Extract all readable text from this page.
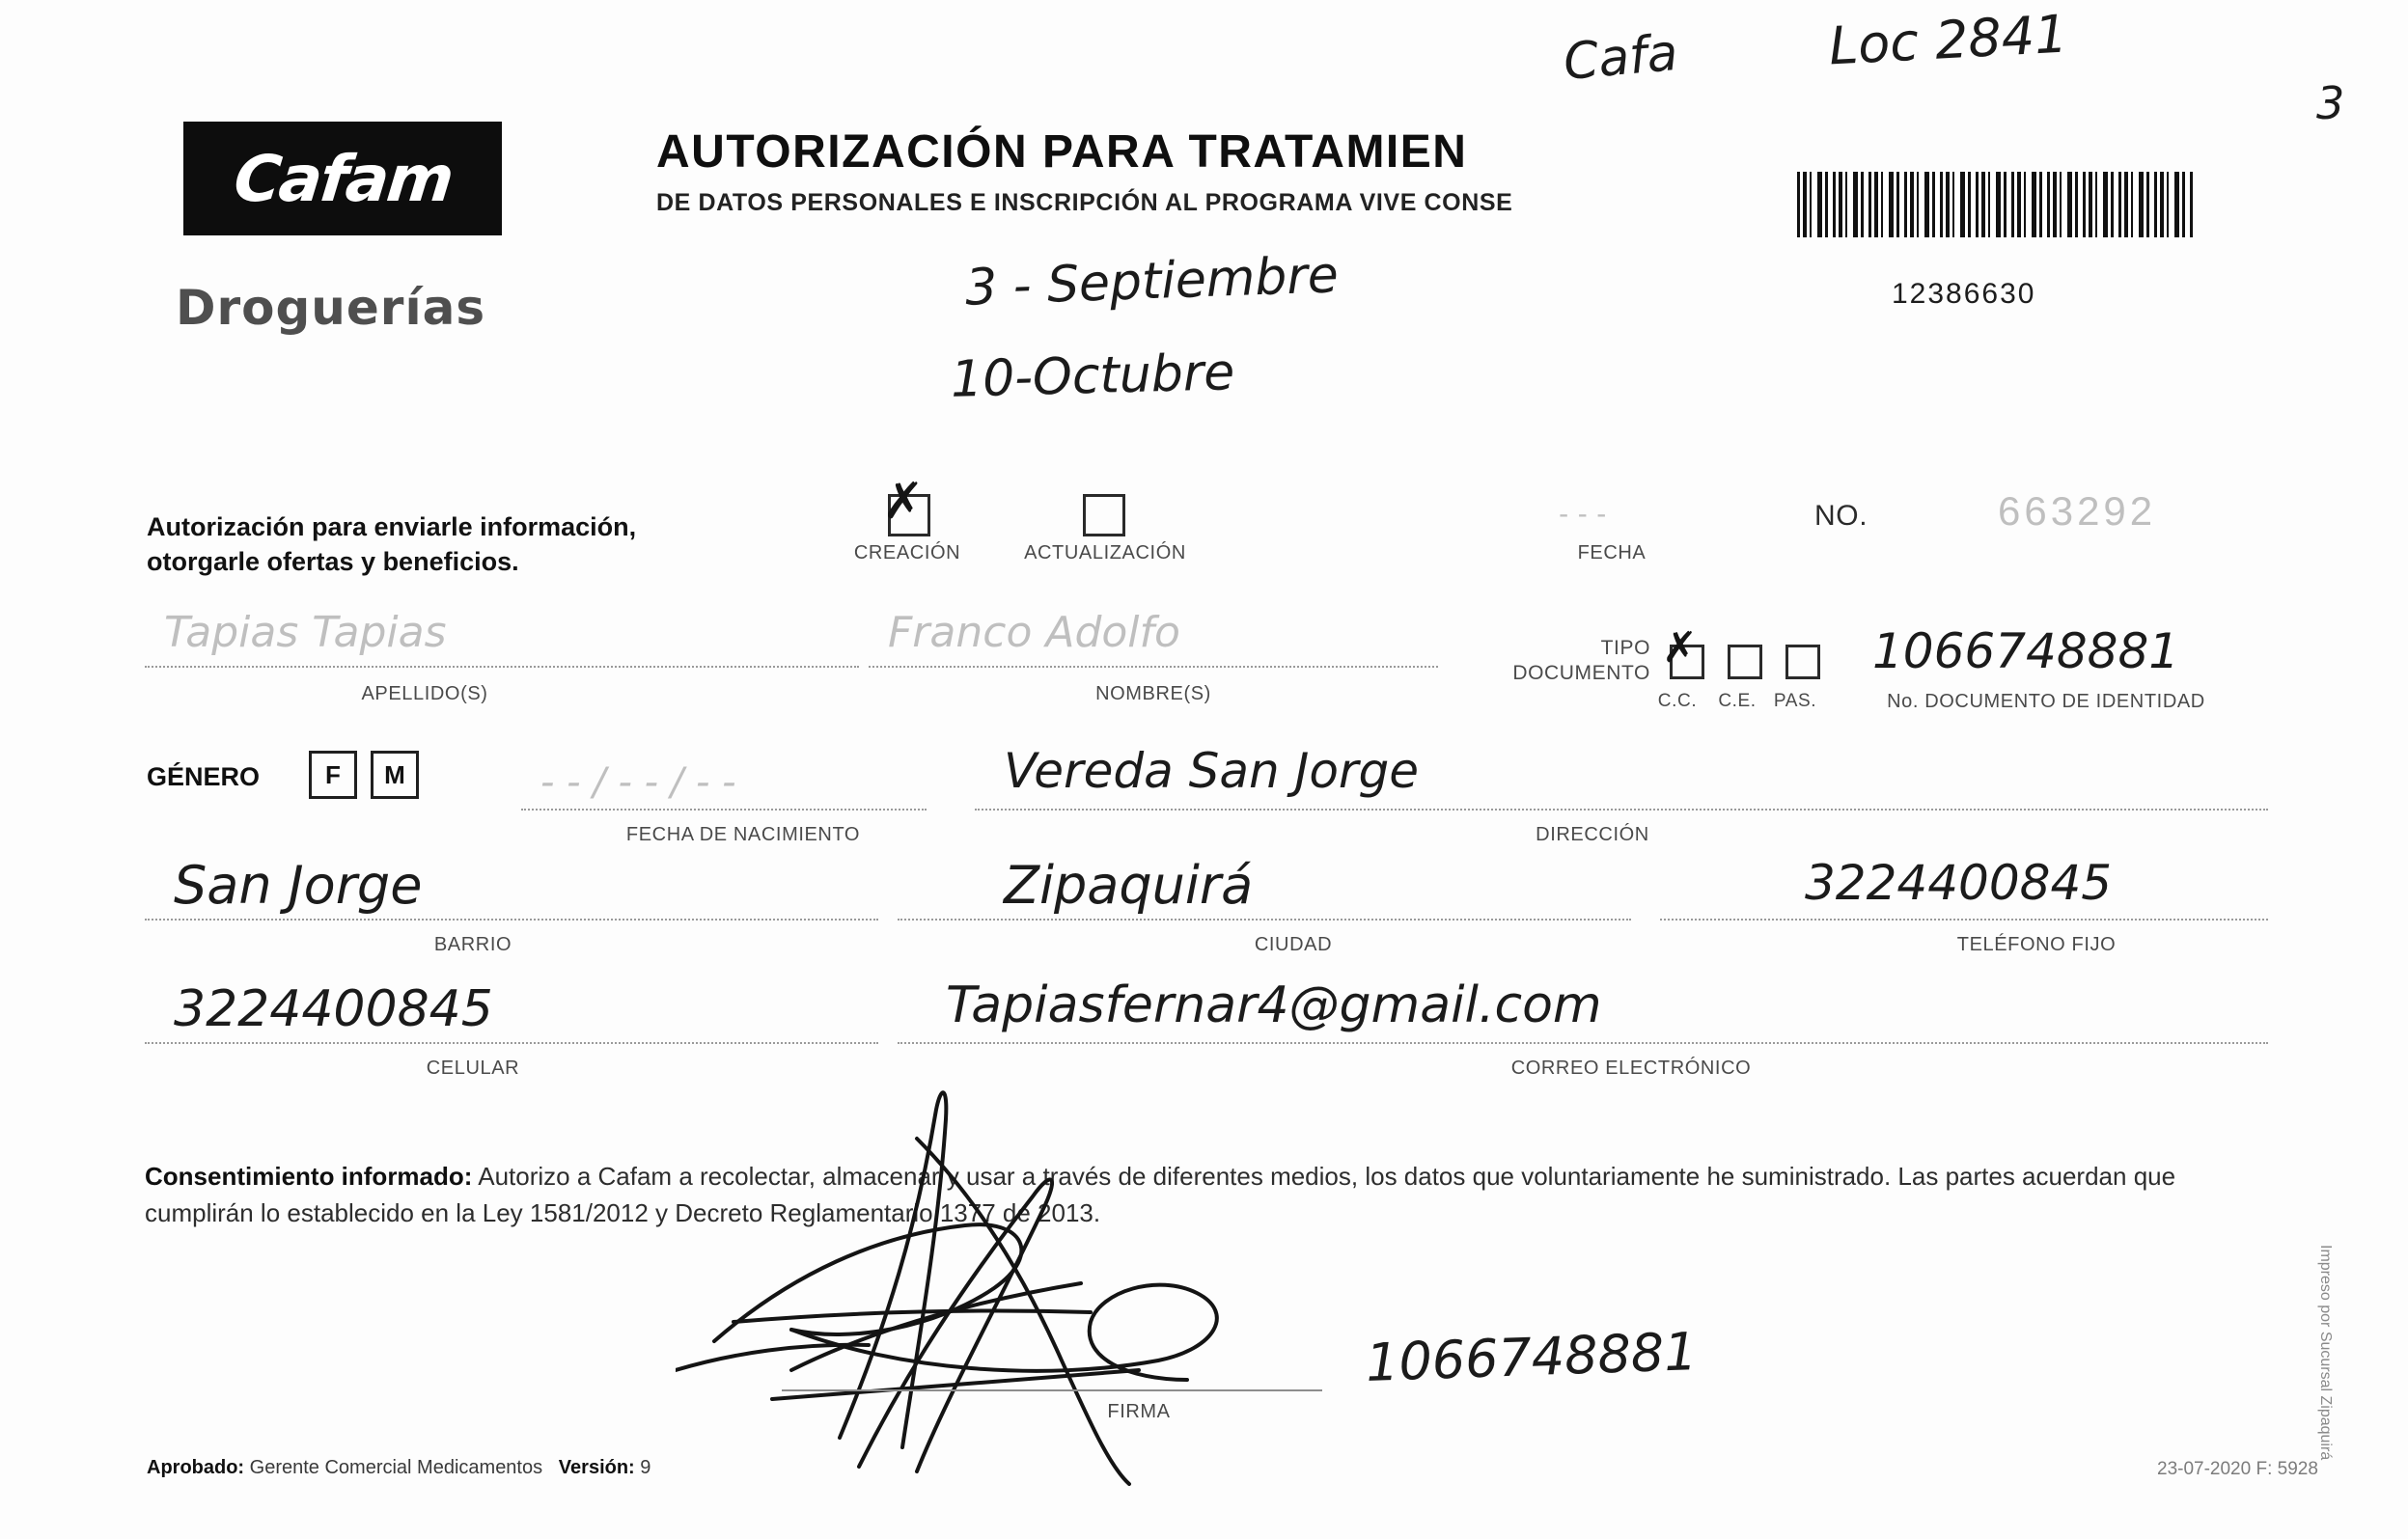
Cafam
Droguerías
AUTORIZACIÓN PARA TRATAMIEN
DE DATOS PERSONALES E INSCRIPCIÓN AL PROGRAMA VIVE CONSE
12386630
Cafa	Loc 2841
3
3 - Septiembre
10-Octubre
Autorización para enviarle información,
otorgarle ofertas y beneficios.
✗
CREACIÓN	ACTUALIZACIÓN
- - -
FECHA
NO.	663292
Tapias Tapias
APELLIDO(S)
Franco Adolfo
NOMBRE(S)
TIPO
DOCUMENTO
✗
C.C.	C.E. PAS.
1066748881
No. DOCUMENTO DE IDENTIDAD
GÉNERO	F M	- - / - - / - -
FECHA DE NACIMIENTO
Vereda San Jorge
DIRECCIÓN
San Jorge
BARRIO
Zipaquirá
CIUDAD
3224400845
TELÉFONO FIJO
3224400845
CELULAR
Tapiasfernar4@gmail.com
CORREO ELECTRÓNICO
Consentimiento informado: Autorizo a Cafam a recolectar, almacenar y usar a través de diferentes medios, los datos que voluntariamente he suministrado. Las partes acuerdan que cumplirán lo establecido en la Ley 1581/2012 y Decreto Reglamentario 1377 de 2013.
1066748881
FIRMA
Aprobado: Gerente Comercial Medicamentos Versión: 9	23-07-2020 F: 5928
Impreso por Sucursal Zipaquirá
